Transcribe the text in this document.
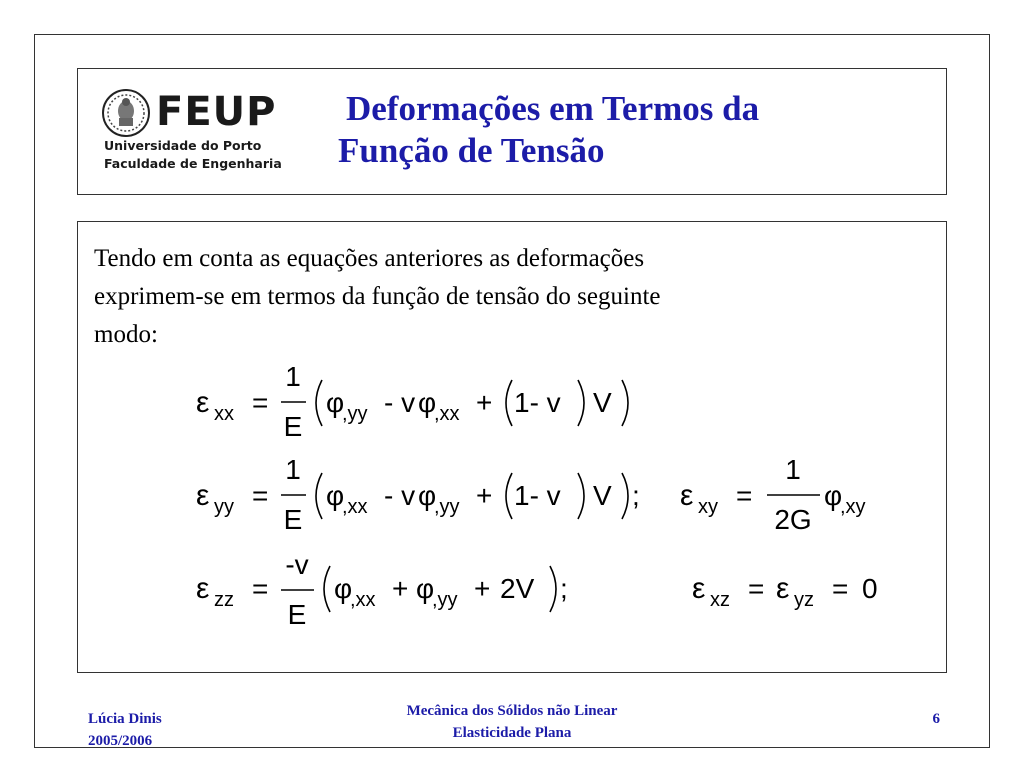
FEUP
Universidade do Porto
Faculdade de Engenharia
Deformações em Termos da
Função de Tensão
Tendo em conta as equações anteriores as deformações
exprimem-se em termos da função de tensão do seguinte
modo:
ε xx =
1
E
φ
,yy - v φ
,xx + 1- v V
ε yy =
1
E
φ
,xx - v φ
,yy + 1- v V ; ε xy =
1
2G
φ
,xy
ε zz =
-v
E
φ
,xx + φ
,yy + 2V ;	ε xz = ε yz = 0
Lúcia Dinis
2005/2006
Mecânica dos Sólidos não Linear
Elasticidade Plana
6
